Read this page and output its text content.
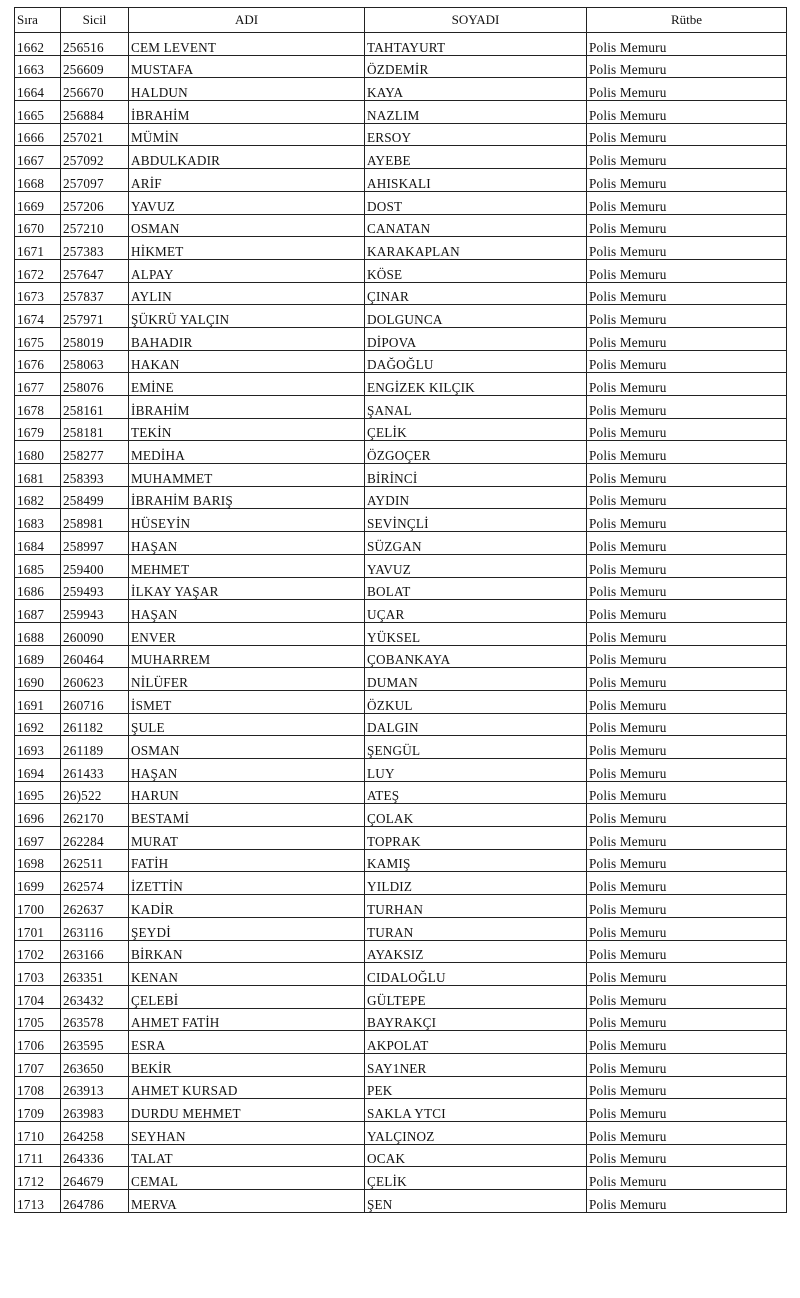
Sıra	Sicil	ADI	SOYADI	Rütbe
1662	256516	CEM LEVENT	TAHTAYURT	Polis Memuru
1663	256609	MUSTAFA	ÖZDEMİR	Polis Memuru
1664	256670	HALDUN	KAYA	Polis Memuru
1665	256884	İBRAHİM	NAZLIM	Polis Memuru
1666	257021	MÜMİN	ERSOY	Polis Memuru
1667	257092	ABDULKADIR	AYEBE	Polis Memuru
1668	257097	ARİF	AHISKALI	Polis Memuru
1669	257206	YAVUZ	DOST	Polis Memuru
1670	257210	OSMAN	CANATAN	Polis Memuru
1671	257383	HİKMET	KARAKAPLAN	Polis Memuru
1672	257647	ALPAY	KÖSE	Polis Memuru
1673	257837	AYLIN	ÇINAR	Polis Memuru
1674	257971	ŞÜKRÜ YALÇIN	DOLGUNCA	Polis Memuru
1675	258019	BAHADIR	DİPOVA	Polis Memuru
1676	258063	HAKAN	DAĞOĞLU	Polis Memuru
1677	258076	EMİNE	ENGİZEK KILÇIK	Polis Memuru
1678	258161	İBRAHİM	ŞANAL	Polis Memuru
1679	258181	TEKİN	ÇELİK	Polis Memuru
1680	258277	MEDİHA	ÖZGOÇER	Polis Memuru
1681	258393	MUHAMMET	BİRİNCİ	Polis Memuru
1682	258499	İBRAHİM BARIŞ	AYDIN	Polis Memuru
1683	258981	HÜSEYİN	SEVİNÇLİ	Polis Memuru
1684	258997	HAŞAN	SÜZGAN	Polis Memuru
1685	259400	MEHMET	YAVUZ	Polis Memuru
1686	259493	İLKAY YAŞAR	BOLAT	Polis Memuru
1687	259943	HAŞAN	UÇAR	Polis Memuru
1688	260090	ENVER	YÜKSEL	Polis Memuru
1689	260464	MUHARREM	ÇOBANKAYA	Polis Memuru
1690	260623	NİLÜFER	DUMAN	Polis Memuru
1691	260716	İSMET	ÖZKUL	Polis Memuru
1692	261182	ŞULE	DALGIN	Polis Memuru
1693	261189	OSMAN	ŞENGÜL	Polis Memuru
1694	261433	HAŞAN	LUY	Polis Memuru
1695	26)522	HARUN	ATEŞ	Polis Memuru
1696	262170	BESTAMİ	ÇOLAK	Polis Memuru
1697	262284	MURAT	TOPRAK	Polis Memuru
1698	262511	FATİH	KAMIŞ	Polis Memuru
1699	262574	İZETTİN	YILDIZ	Polis Memuru
1700	262637	KADİR	TURHAN	Polis Memuru
1701	263116	ŞEYDİ	TURAN	Polis Memuru
1702	263166	BİRKAN	AYAKSIZ	Polis Memuru
1703	263351	KENAN	CIDALOĞLU	Polis Memuru
1704	263432	ÇELEBİ	GÜLTEPE	Polis Memuru
1705	263578	AHMET FATİH	BAYRAKÇI	Polis Memuru
1706	263595	ESRA	AKPOLAT	Polis Memuru
1707	263650	BEKİR	SAY1NER	Polis Memuru
1708	263913	AHMET KURSAD	PEK	Polis Memuru
1709	263983	DURDU MEHMET	SAKLA YTCI	Polis Memuru
1710	264258	SEYHAN	YALÇINOZ	Polis Memuru
1711	264336	TALAT	OCAK	Polis Memuru
1712	264679	CEMAL	ÇELİK	Polis Memuru
1713	264786	MERVA	ŞEN	Polis Memuru
